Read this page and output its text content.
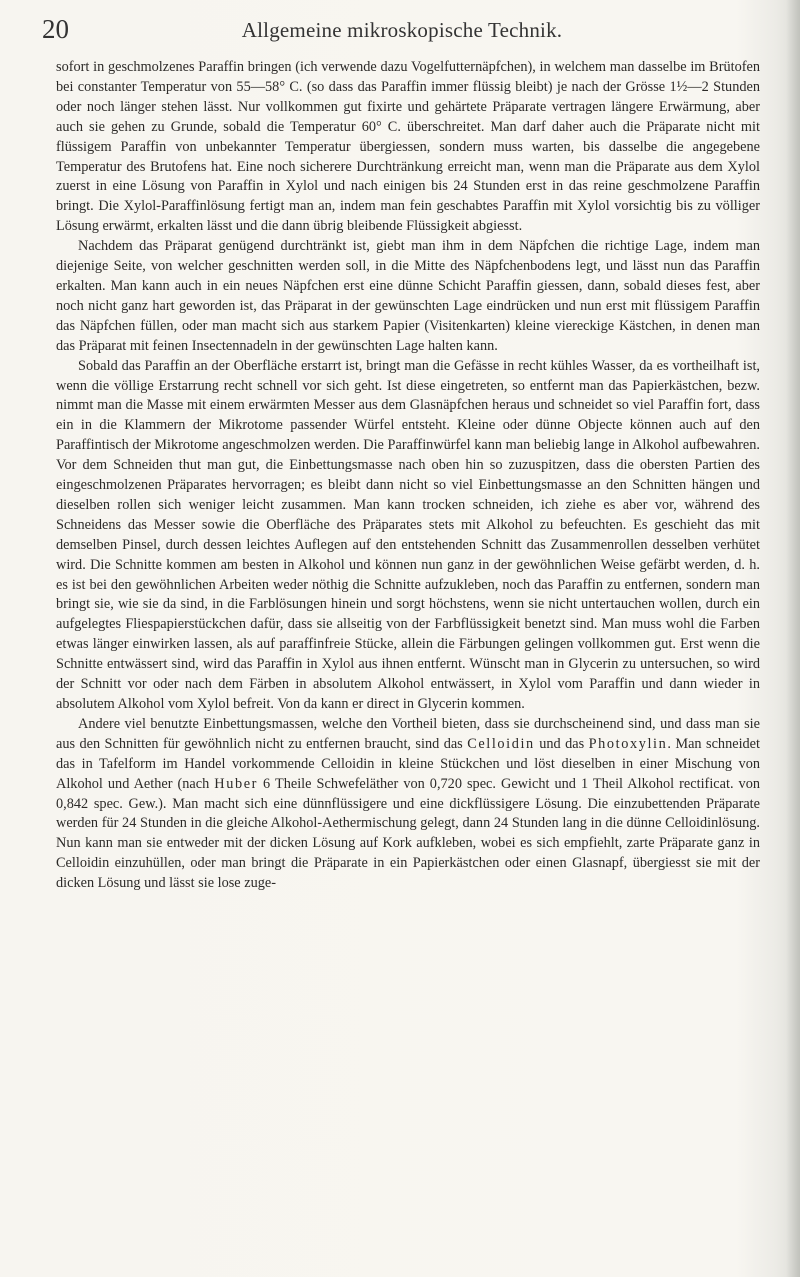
20	Allgemeine mikroskopische Technik.

sofort in geschmolzenes Paraffin bringen (ich verwende dazu Vogelfutternäpfchen), in welchem man dasselbe im Brütofen bei constanter Temperatur von 55—58° C. (so dass das Paraffin immer flüssig bleibt) je nach der Grösse 1½—2 Stunden oder noch länger stehen lässt. Nur vollkommen gut fixirte und gehärtete Präparate vertragen längere Erwärmung, aber auch sie gehen zu Grunde, sobald die Temperatur 60° C. überschreitet. Man darf daher auch die Präparate nicht mit flüssigem Paraffin von unbekannter Temperatur übergiessen, sondern muss warten, bis dasselbe die angegebene Temperatur des Brutofens hat. Eine noch sicherere Durchtränkung erreicht man, wenn man die Präparate aus dem Xylol zuerst in eine Lösung von Paraffin in Xylol und nach einigen bis 24 Stunden erst in das reine geschmolzene Paraffin bringt. Die Xylol-Paraffinlösung fertigt man an, indem man fein geschabtes Paraffin mit Xylol vorsichtig bis zu völliger Lösung erwärmt, erkalten lässt und die dann übrig bleibende Flüssigkeit abgiesst.

Nachdem das Präparat genügend durchtränkt ist, giebt man ihm in dem Näpfchen die richtige Lage, indem man diejenige Seite, von welcher geschnitten werden soll, in die Mitte des Näpfchenbodens legt, und lässt nun das Paraffin erkalten. Man kann auch in ein neues Näpfchen erst eine dünne Schicht Paraffin giessen, dann, sobald dieses fest, aber noch nicht ganz hart geworden ist, das Präparat in der gewünschten Lage eindrücken und nun erst mit flüssigem Paraffin das Näpfchen füllen, oder man macht sich aus starkem Papier (Visitenkarten) kleine viereckige Kästchen, in denen man das Präparat mit feinen Insectennadeln in der gewünschten Lage halten kann.

Sobald das Paraffin an der Oberfläche erstarrt ist, bringt man die Gefässe in recht kühles Wasser, da es vortheilhaft ist, wenn die völlige Erstarrung recht schnell vor sich geht. Ist diese eingetreten, so entfernt man das Papierkästchen, bezw. nimmt man die Masse mit einem erwärmten Messer aus dem Glasnäpfchen heraus und schneidet so viel Paraffin fort, dass ein in die Klammern der Mikrotome passender Würfel entsteht. Kleine oder dünne Objecte können auch auf den Paraffintisch der Mikrotome angeschmolzen werden. Die Paraffinwürfel kann man beliebig lange in Alkohol aufbewahren. Vor dem Schneiden thut man gut, die Einbettungsmasse nach oben hin so zuzuspitzen, dass die obersten Partien des eingeschmolzenen Präparates hervorragen; es bleibt dann nicht so viel Einbettungsmasse an den Schnitten hängen und dieselben rollen sich weniger leicht zusammen. Man kann trocken schneiden, ich ziehe es aber vor, während des Schneidens das Messer sowie die Oberfläche des Präparates stets mit Alkohol zu befeuchten. Es geschieht das mit demselben Pinsel, durch dessen leichtes Auflegen auf den entstehenden Schnitt das Zusammenrollen desselben verhütet wird. Die Schnitte kommen am besten in Alkohol und können nun ganz in der gewöhnlichen Weise gefärbt werden, d. h. es ist bei den gewöhnlichen Arbeiten weder nöthig die Schnitte aufzukleben, noch das Paraffin zu entfernen, sondern man bringt sie, wie sie da sind, in die Farblösungen hinein und sorgt höchstens, wenn sie nicht untertauchen wollen, durch ein aufgelegtes Fliespapierstückchen dafür, dass sie allseitig von der Farbflüssigkeit benetzt sind. Man muss wohl die Farben etwas länger einwirken lassen, als auf paraffinfreie Stücke, allein die Färbungen gelingen vollkommen gut. Erst wenn die Schnitte entwässert sind, wird das Paraffin in Xylol aus ihnen entfernt. Wünscht man in Glycerin zu untersuchen, so wird der Schnitt vor oder nach dem Färben in absolutem Alkohol entwässert, in Xylol vom Paraffin und dann wieder in absolutem Alkohol vom Xylol befreit. Von da kann er direct in Glycerin kommen.

Andere viel benutzte Einbettungsmassen, welche den Vortheil bieten, dass sie durchscheinend sind, und dass man sie aus den Schnitten für gewöhnlich nicht zu entfernen braucht, sind das Celloidin und das Photoxylin. Man schneidet das in Tafelform im Handel vorkommende Celloidin in kleine Stückchen und löst dieselben in einer Mischung von Alkohol und Aether (nach Huber 6 Theile Schwefeläther von 0,720 spec. Gewicht und 1 Theil Alkohol rectificat. von 0,842 spec. Gew.). Man macht sich eine dünnflüssigere und eine dickflüssigere Lösung. Die einzubettenden Präparate werden für 24 Stunden in die gleiche Alkohol-Aethermischung gelegt, dann 24 Stunden lang in die dünne Celloidinlösung. Nun kann man sie entweder mit der dicken Lösung auf Kork aufkleben, wobei es sich empfiehlt, zarte Präparate ganz in Celloidin einzuhüllen, oder man bringt die Präparate in ein Papierkästchen oder einen Glasnapf, übergiesst sie mit der dicken Lösung und lässt sie lose zuge-
